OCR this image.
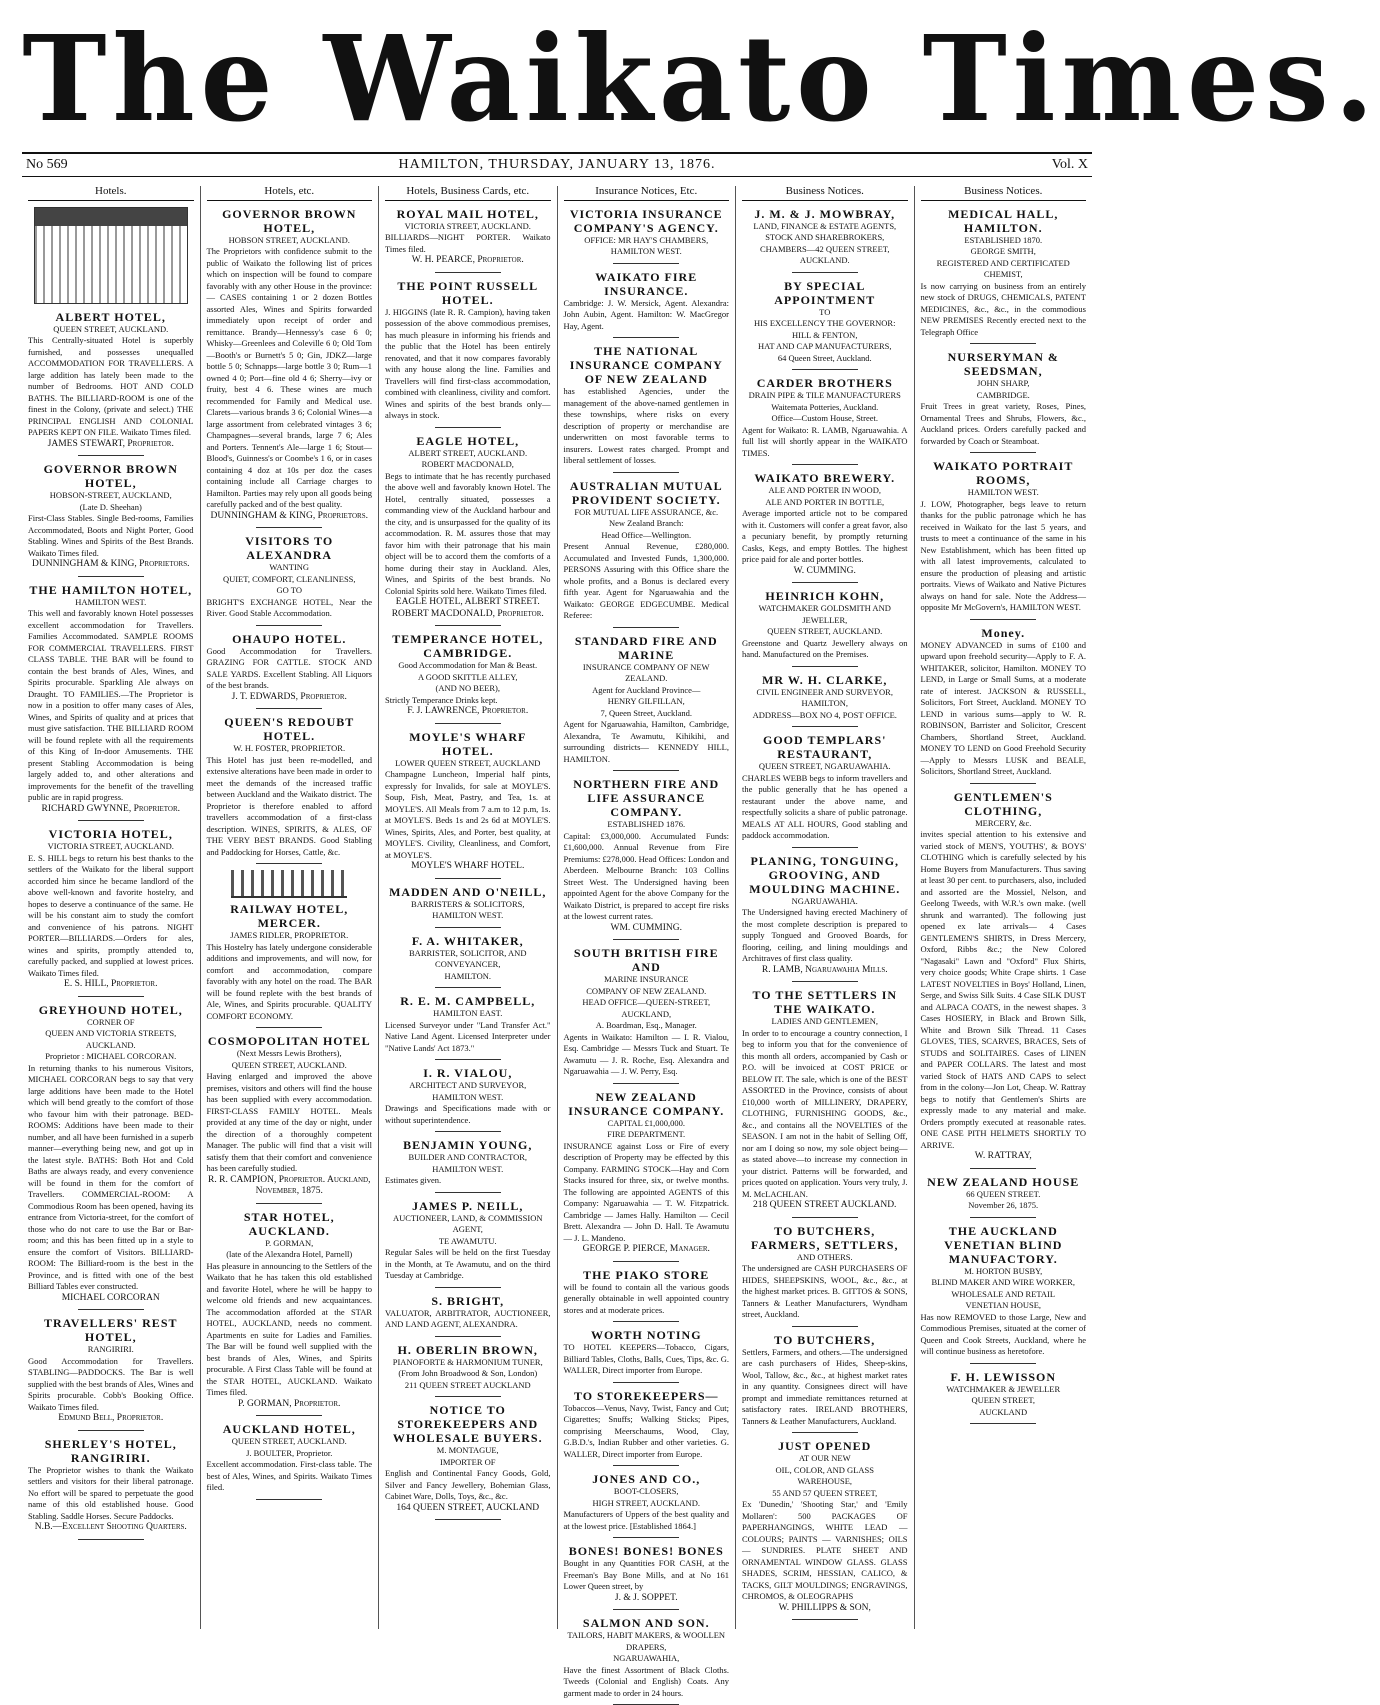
The Waikato Times.
No 569	HAMILTON, THURSDAY, JANUARY 13, 1876.	Vol. X
Hotels.
ALBERT HOTEL,
QUEEN STREET, AUCKLAND.
This Centrally-situated Hotel is superbly furnished, and possesses unequalled ACCOMMODATION FOR TRAVELLERS. A large addition has lately been made to the number of Bedrooms. HOT AND COLD BATHS. The BILLIARD-ROOM is one of the finest in the Colony, (private and select.) THE PRINCIPAL ENGLISH AND COLONIAL PAPERS KEPT ON FILE. Waikato Times filed.
JAMES STEWART, Proprietor.
GOVERNOR BROWN HOTEL,
HOBSON-STREET, AUCKLAND,
(Late D. Sheehan)
First-Class Stables. Single Bed-rooms, Families Accommodated, Boots and Night Porter, Good Stabling. Wines and Spirits of the Best Brands. Waikato Times filed.
DUNNINGHAM & KING, Proprietors.
THE HAMILTON HOTEL,
HAMILTON WEST.
This well and favorably known Hotel possesses excellent accommodation for Travellers. Families Accommodated. SAMPLE ROOMS FOR COMMERCIAL TRAVELLERS. FIRST CLASS TABLE. THE BAR will be found to contain the best brands of Ales, Wines, and Spirits procurable. Sparkling Ale always on Draught. TO FAMILIES.—The Proprietor is now in a position to offer many cases of Ales, Wines, and Spirits of quality and at prices that must give satisfaction. THE BILLIARD ROOM will be found replete with all the requirements of this King of In-door Amusements. THE present Stabling Accommodation is being largely added to, and other alterations and improvements for the benefit of the travelling public are in rapid progress.
RICHARD GWYNNE, Proprietor.
VICTORIA HOTEL,
VICTORIA STREET, AUCKLAND.
E. S. HILL begs to return his best thanks to the settlers of the Waikato for the liberal support accorded him since he became landlord of the above well-known and favorite hostelry, and hopes to deserve a continuance of the same. He will be his constant aim to study the comfort and convenience of his patrons. NIGHT PORTER—BILLIARDS.—Orders for ales, wines and spirits, promptly attended to, carefully packed, and supplied at lowest prices. Waikato Times filed.
E. S. HILL, Proprietor.
GREYHOUND HOTEL,
CORNER OF
QUEEN AND VICTORIA STREETS,
AUCKLAND.
Proprietor : MICHAEL CORCORAN.
In returning thanks to his numerous Visitors, MICHAEL CORCORAN begs to say that very large additions have been made to the Hotel which will bend greatly to the comfort of those who favour him with their patronage. BED-ROOMS: Additions have been made to their number, and all have been furnished in a superb manner—everything being new, and got up in the latest style. BATHS: Both Hot and Cold Baths are always ready, and every convenience will be found in them for the comfort of Travellers. COMMERCIAL-ROOM: A Commodious Room has been opened, having its entrance from Victoria-street, for the comfort of those who do not care to use the Bar or Bar-room; and this has been fitted up in a style to ensure the comfort of Visitors. BILLIARD-ROOM: The Billiard-room is the best in the Province, and is fitted with one of the best Billiard Tables ever constructed.
MICHAEL CORCORAN
TRAVELLERS' REST HOTEL,
RANGIRIRI.
Good Accommodation for Travellers. STABLING—PADDOCKS. The Bar is well supplied with the best brands of Ales, Wines and Spirits procurable. Cobb's Booking Office. Waikato Times filed.
Edmund Bell, Proprietor.
SHERLEY'S HOTEL, RANGIRIRI.
The Proprietor wishes to thank the Waikato settlers and visitors for their liberal patronage. No effort will be spared to perpetuate the good name of this old established house. Good Stabling. Saddle Horses. Secure Paddocks.
N.B.—Excellent Shooting Quarters.
Hotels, etc.
GOVERNOR BROWN HOTEL,
HOBSON STREET, AUCKLAND.
The Proprietors with confidence submit to the public of Waikato the following list of prices which on inspection will be found to compare favorably with any other House in the province:— CASES containing 1 or 2 dozen Bottles assorted Ales, Wines and Spirits forwarded immediately upon receipt of order and remittance. Brandy—Hennessy's case 6 0; Whisky—Greenlees and Coleville 6 0; Old Tom—Booth's or Burnett's 5 0; Gin, JDKZ—large bottle 5 0; Schnapps—large bottle 3 0; Rum—1 owned 4 0; Port—fine old 4 6; Sherry—ivy or fruity, best 4 6. These wines are much recommended for Family and Medical use. Clarets—various brands 3 6; Colonial Wines—a large assortment from celebrated vintages 3 6; Champagnes—several brands, large 7 6; Ales and Porters. Tennent's Ale—large 1 6; Stout—Blood's, Guinness's or Coombe's 1 6, or in cases containing 4 doz at 10s per doz the cases containing include all Carriage charges to Hamilton. Parties may rely upon all goods being carefully packed and of the best quality.
DUNNINGHAM & KING, Proprietors.
VISITORS TO ALEXANDRA
WANTING
QUIET, COMFORT, CLEANLINESS,
GO TO
BRIGHT'S EXCHANGE HOTEL, Near the River. Good Stable Accommodation.
OHAUPO HOTEL.
Good Accommodation for Travellers. GRAZING FOR CATTLE. STOCK AND SALE YARDS. Excellent Stabling. All Liquors of the best brands.
J. T. EDWARDS, Proprietor.
QUEEN'S REDOUBT HOTEL.
W. H. FOSTER, PROPRIETOR.
This Hotel has just been re-modelled, and extensive alterations have been made in order to meet the demands of the increased traffic between Auckland and the Waikato district. The Proprietor is therefore enabled to afford travellers accommodation of a first-class description. WINES, SPIRITS, & ALES, OF THE VERY BEST BRANDS. Good Stabling and Paddocking for Horses, Cattle, &c.
RAILWAY HOTEL, MERCER.
JAMES RIDLER, PROPRIETOR.
This Hostelry has lately undergone considerable additions and improvements, and will now, for comfort and accommodation, compare favorably with any hotel on the road. The BAR will be found replete with the best brands of Ale, Wines, and Spirits procurable. QUALITY COMFORT ECONOMY.
COSMOPOLITAN HOTEL
(Next Messrs Lewis Brothers),
QUEEN STREET, AUCKLAND.
Having enlarged and improved the above premises, visitors and others will find the house has been supplied with every accommodation. FIRST-CLASS FAMILY HOTEL. Meals provided at any time of the day or night, under the direction of a thoroughly competent Manager. The public will find that a visit will satisfy them that their comfort and convenience has been carefully studied.
R. R. CAMPION, Proprietor. Auckland, November, 1875.
STAR HOTEL, AUCKLAND.
P. GORMAN,
(late of the Alexandra Hotel, Parnell)
Has pleasure in announcing to the Settlers of the Waikato that he has taken this old established and favorite Hotel, where he will be happy to welcome old friends and new acquaintances. The accommodation afforded at the STAR HOTEL, AUCKLAND, needs no comment. Apartments en suite for Ladies and Families. The Bar will be found well supplied with the best brands of Ales, Wines, and Spirits procurable. A First Class Table will be found at the STAR HOTEL, AUCKLAND. Waikato Times filed.
P. GORMAN, Proprietor.
AUCKLAND HOTEL,
QUEEN STREET, AUCKLAND.
J. BOULTER, Proprietor.
Excellent accommodation. First-class table. The best of Ales, Wines, and Spirits. Waikato Times filed.
Hotels, Business Cards, etc.
ROYAL MAIL HOTEL,
VICTORIA STREET, AUCKLAND.
BILLIARDS—NIGHT PORTER. Waikato Times filed.
W. H. PEARCE, Proprietor.
THE POINT RUSSELL HOTEL.
J. HIGGINS (late R. R. Campion), having taken possession of the above commodious premises, has much pleasure in informing his friends and the public that the Hotel has been entirely renovated, and that it now compares favorably with any house along the line. Families and Travellers will find first-class accommodation, combined with cleanliness, civility and comfort. Wines and spirits of the best brands only—always in stock.
EAGLE HOTEL,
ALBERT STREET, AUCKLAND.
ROBERT MACDONALD,
Begs to intimate that he has recently purchased the above well and favorably known Hotel. The Hotel, centrally situated, possesses a commanding view of the Auckland harbour and the city, and is unsurpassed for the quality of its accommodation. R. M. assures those that may favor him with their patronage that his main object will be to accord them the comforts of a home during their stay in Auckland. Ales, Wines, and Spirits of the best brands. No Colonial Spirits sold here. Waikato Times filed.
EAGLE HOTEL, ALBERT STREET. ROBERT MACDONALD, Proprietor.
TEMPERANCE HOTEL, CAMBRIDGE.
Good Accommodation for Man & Beast.
A GOOD SKITTLE ALLEY,
(AND NO BEER),
Strictly Temperance Drinks kept.
F. J. LAWRENCE, Proprietor.
MOYLE'S WHARF HOTEL.
LOWER QUEEN STREET, AUCKLAND
Champagne Luncheon, Imperial half pints, expressly for Invalids, for sale at MOYLE'S. Soup, Fish, Meat, Pastry, and Tea, 1s. at MOYLE'S. All Meals from 7 a.m to 12 p.m, 1s. at MOYLE'S. Beds 1s and 2s 6d at MOYLE'S. Wines, Spirits, Ales, and Porter, best quality, at MOYLE'S. Civility, Cleanliness, and Comfort, at MOYLE'S.
MOYLE'S WHARF HOTEL.
MADDEN AND O'NEILL,
BARRISTERS & SOLICITORS,
HAMILTON WEST.
F. A. WHITAKER,
BARRISTER, SOLICITOR, AND CONVEYANCER,
HAMILTON.
R. E. M. CAMPBELL,
HAMILTON EAST.
Licensed Surveyor under "Land Transfer Act." Native Land Agent. Licensed Interpreter under "Native Lands' Act 1873."
I. R. VIALOU,
ARCHITECT AND SURVEYOR,
HAMILTON WEST.
Drawings and Specifications made with or without superintendence.
BENJAMIN YOUNG,
BUILDER AND CONTRACTOR,
HAMILTON WEST.
Estimates given.
JAMES P. NEILL,
AUCTIONEER, LAND, & COMMISSION AGENT,
TE AWAMUTU.
Regular Sales will be held on the first Tuesday in the Month, at Te Awamutu, and on the third Tuesday at Cambridge.
S. BRIGHT,
VALUATOR, ARBITRATOR, AUCTIONEER, AND LAND AGENT, ALEXANDRA.
H. OBERLIN BROWN,
PIANOFORTE & HARMONIUM TUNER,
(From John Broadwood & Son, London)
211 QUEEN STREET AUCKLAND
NOTICE TO STOREKEEPERS AND WHOLESALE BUYERS.
M. MONTAGUE,
IMPORTER OF
English and Continental Fancy Goods, Gold, Silver and Fancy Jewellery, Bohemian Glass, Cabinet Ware, Dolls, Toys, &c., &c.
164 QUEEN STREET, AUCKLAND
Insurance Notices, Etc.
VICTORIA INSURANCE COMPANY'S AGENCY.
OFFICE: MR HAY'S CHAMBERS, HAMILTON WEST.
WAIKATO FIRE INSURANCE.
Cambridge: J. W. Mersick, Agent. Alexandra: John Aubin, Agent. Hamilton: W. MacGregor Hay, Agent.
THE NATIONAL INSURANCE COMPANY OF NEW ZEALAND
has established Agencies, under the management of the above-named gentlemen in these townships, where risks on every description of property or merchandise are underwritten on most favorable terms to insurers. Lowest rates charged. Prompt and liberal settlement of losses.
AUSTRALIAN MUTUAL PROVIDENT SOCIETY.
FOR MUTUAL LIFE ASSURANCE, &c.
New Zealand Branch:
Head Office—Wellington.
Present Annual Revenue, £280,000. Accumulated and Invested Funds, 1,300,000. PERSONS Assuring with this Office share the whole profits, and a Bonus is declared every fifth year. Agent for Ngaruawahia and the Waikato: GEORGE EDGECUMBE. Medical Referee:
STANDARD FIRE AND MARINE
INSURANCE COMPANY OF NEW ZEALAND.
Agent for Auckland Province—
HENRY GILFILLAN,
7, Queen Street, Auckland.
Agent for Ngaruawahia, Hamilton, Cambridge, Alexandra, Te Awamutu, Kihikihi, and surrounding districts— KENNEDY HILL, HAMILTON.
NORTHERN FIRE AND LIFE ASSURANCE COMPANY.
ESTABLISHED 1876.
Capital: £3,000,000. Accumulated Funds: £1,600,000. Annual Revenue from Fire Premiums: £278,000. Head Offices: London and Aberdeen. Melbourne Branch: 103 Collins Street West. The Undersigned having been appointed Agent for the above Company for the Waikato District, is prepared to accept fire risks at the lowest current rates.
WM. CUMMING.
SOUTH BRITISH FIRE AND
MARINE INSURANCE
COMPANY OF NEW ZEALAND.
HEAD OFFICE—QUEEN-STREET, AUCKLAND,
A. Boardman, Esq., Manager.
Agents in Waikato: Hamilton — I. R. Vialou, Esq. Cambridge — Messrs Tuck and Stuart. Te Awamutu — J. R. Roche, Esq. Alexandra and Ngaruawahia — J. W. Perry, Esq.
NEW ZEALAND INSURANCE COMPANY.
CAPITAL £1,000,000.
FIRE DEPARTMENT.
INSURANCE against Loss or Fire of every description of Property may be effected by this Company. FARMING STOCK—Hay and Corn Stacks insured for three, six, or twelve months. The following are appointed AGENTS of this Company: Ngaruawahia — T. W. Fitzpatrick. Cambridge — James Hally. Hamilton — Cecil Brett. Alexandra — John D. Hall. Te Awamutu — J. L. Mandeno.
GEORGE P. PIERCE, Manager.
THE PIAKO STORE
will be found to contain all the various goods generally obtainable in well appointed country stores and at moderate prices.
WORTH NOTING
TO HOTEL KEEPERS—Tobacco, Cigars, Billiard Tables, Cloths, Balls, Cues, Tips, &c. G. WALLER, Direct importer from Europe.
TO STOREKEEPERS—
Tobaccos—Venus, Navy, Twist, Fancy and Cut; Cigarettes; Snuffs; Walking Sticks; Pipes, comprising Meerschaums, Wood, Clay, G.B.D.'s, Indian Rubber and other varieties. G. WALLER, Direct importer from Europe.
JONES AND CO.,
BOOT-CLOSERS,
HIGH STREET, AUCKLAND.
Manufacturers of Uppers of the best quality and at the lowest price. [Established 1864.]
BONES! BONES! BONES
Bought in any Quantities FOR CASH, at the Freeman's Bay Bone Mills, and at No 161 Lower Queen street, by
J. & J. SOPPET.
SALMON AND SON.
TAILORS, HABIT MAKERS, & WOOLLEN DRAPERS,
NGARUAWAHIA,
Have the finest Assortment of Black Cloths. Tweeds (Colonial and English) Coats. Any garment made to order in 24 hours.
Business Notices.
J. M. & J. MOWBRAY,
LAND, FINANCE & ESTATE AGENTS,
STOCK AND SHAREBROKERS,
CHAMBERS—42 QUEEN STREET, AUCKLAND.
BY SPECIAL APPOINTMENT
TO
HIS EXCELLENCY THE GOVERNOR:
HILL & FENTON,
HAT AND CAP MANUFACTURERS,
64 Queen Street, Auckland.
CARDER BROTHERS
DRAIN PIPE & TILE MANUFACTURERS
Waitemata Potteries, Auckland.
Office—Custom House, Street.
Agent for Waikato: R. LAMB, Ngaruawahia. A full list will shortly appear in the WAIKATO TIMES.
WAIKATO BREWERY.
ALE AND PORTER IN WOOD,
ALE AND PORTER IN BOTTLE,
Average imported article not to be compared with it. Customers will confer a great favor, also a pecuniary benefit, by promptly returning Casks, Kegs, and empty Bottles. The highest price paid for ale and porter bottles.
W. CUMMING.
HEINRICH KOHN,
WATCHMAKER GOLDSMITH AND JEWELLER,
QUEEN STREET, AUCKLAND.
Greenstone and Quartz Jewellery always on hand. Manufactured on the Premises.
MR W. H. CLARKE,
CIVIL ENGINEER AND SURVEYOR,
HAMILTON,
ADDRESS—BOX NO 4, POST OFFICE.
GOOD TEMPLARS' RESTAURANT,
QUEEN STREET, NGARUAWAHIA.
CHARLES WEBB begs to inform travellers and the public generally that he has opened a restaurant under the above name, and respectfully solicits a share of public patronage. MEALS AT ALL HOURS, Good stabling and paddock accommodation.
PLANING, TONGUING, GROOVING, AND MOULDING MACHINE.
NGARUAWAHIA.
The Undersigned having erected Machinery of the most complete description is prepared to supply Tongued and Grooved Boards, for flooring, ceiling, and lining mouldings and Architraves of first class quality.
R. LAMB, Ngaruawahia Mills.
TO THE SETTLERS IN THE WAIKATO.
LADIES AND GENTLEMEN,
In order to to encourage a country connection, I beg to inform you that for the convenience of this month all orders, accompanied by Cash or P.O. will be invoiced at COST PRICE or BELOW IT. The sale, which is one of the BEST ASSORTED in the Province, consists of about £10,000 worth of MILLINERY, DRAPERY, CLOTHING, FURNISHING GOODS, &c., &c., and contains all the NOVELTIES of the SEASON. I am not in the habit of Selling Off, nor am I doing so now, my sole object being—as stated above—to increase my connection in your district. Patterns will be forwarded, and prices quoted on application. Yours very truly, J. M. McLACHLAN.
218 QUEEN STREET AUCKLAND.
TO BUTCHERS, FARMERS, SETTLERS,
AND OTHERS.
The undersigned are CASH PURCHASERS OF HIDES, SHEEPSKINS, WOOL, &c., &c., at the highest market prices. B. GITTOS & SONS, Tanners & Leather Manufacturers, Wyndham street, Auckland.
TO BUTCHERS,
Settlers, Farmers, and others.—The undersigned are cash purchasers of Hides, Sheep-skins, Wool, Tallow, &c., &c., at highest market rates in any quantity. Consignees direct will have prompt and immediate remittances returned at satisfactory rates. IRELAND BROTHERS, Tanners & Leather Manufacturers, Auckland.
JUST OPENED
AT OUR NEW
OIL, COLOR, AND GLASS
WAREHOUSE,
55 AND 57 QUEEN STREET,
Ex 'Dunedin,' 'Shooting Star,' and 'Emily Mollaren': 500 PACKAGES OF PAPERHANGINGS, WHITE LEAD — COLOURS; PAINTS — VARNISHES; OILS — SUNDRIES. PLATE SHEET AND ORNAMENTAL WINDOW GLASS. GLASS SHADES, SCRIM, HESSIAN, CALICO, & TACKS, GILT MOULDINGS; ENGRAVINGS, CHROMOS, & OLEOGRAPHS
W. PHILLIPPS & SON,
Business Notices.
MEDICAL HALL, HAMILTON.
ESTABLISHED 1870.
GEORGE SMITH,
REGISTERED AND CERTIFICATED
CHEMIST,
Is now carrying on business from an entirely new stock of DRUGS, CHEMICALS, PATENT MEDICINES, &c., &c., in the commodious NEW PREMISES Recently erected next to the Telegraph Office
NURSERYMAN & SEEDSMAN,
JOHN SHARP,
CAMBRIDGE.
Fruit Trees in great variety, Roses, Pines, Ornamental Trees and Shrubs, Flowers, &c., Auckland prices. Orders carefully packed and forwarded by Coach or Steamboat.
WAIKATO PORTRAIT ROOMS,
HAMILTON WEST.
J. LOW, Photographer, begs leave to return thanks for the public patronage which he has received in Waikato for the last 5 years, and trusts to meet a continuance of the same in his New Establishment, which has been fitted up with all latest improvements, calculated to ensure the production of pleasing and artistic portraits. Views of Waikato and Native Pictures always on hand for sale. Note the Address—opposite Mr McGovern's, HAMILTON WEST.
Money.
MONEY ADVANCED in sums of £100 and upward upon freehold security—Apply to F. A. WHITAKER, solicitor, Hamilton. MONEY TO LEND, in Large or Small Sums, at a moderate rate of interest. JACKSON & RUSSELL, Solicitors, Fort Street, Auckland. MONEY TO LEND in various sums—apply to W. R. ROBINSON, Barrister and Solicitor, Crescent Chambers, Shortland Street, Auckland. MONEY TO LEND on Good Freehold Security—Apply to Messrs LUSK and BEALE, Solicitors, Shortland Street, Auckland.
GENTLEMEN'S CLOTHING,
MERCERY, &c.
invites special attention to his extensive and varied stock of MEN'S, YOUTHS', & BOYS' CLOTHING which is carefully selected by his Home Buyers from Manufacturers. Thus saving at least 30 per cent. to purchasers, also, included and assorted are the Mossiel, Nelson, and Geelong Tweeds, with W.R.'s own make. (well shrunk and warranted). The following just opened ex late arrivals— 4 Cases GENTLEMEN'S SHIRTS, in Dress Mercery, Oxford, Ribbs &c.; the New Colored "Nagasaki" Lawn and "Oxford" Flux Shirts, very choice goods; White Crape shirts. 1 Case LATEST NOVELTIES in Boys' Holland, Linen, Serge, and Swiss Silk Suits. 4 Case SILK DUST and ALPACA COATS, in the newest shapes. 3 Cases HOSIERY, in Black and Brown Silk, White and Brown Silk Thread. 11 Cases GLOVES, TIES, SCARVES, BRACES, Sets of STUDS and SOLITAIRES. Cases of LINEN and PAPER COLLARS. The latest and most varied Stock of HATS AND CAPS to select from in the colony—Jon Lot, Cheap. W. Rattray begs to notify that Gentlemen's Shirts are expressly made to any material and make. Orders promptly executed at reasonable rates. ONE CASE PITH HELMETS SHORTLY TO ARRIVE.
W. RATTRAY,
NEW ZEALAND HOUSE
66 QUEEN STREET.
November 26, 1875.
THE AUCKLAND VENETIAN BLIND MANUFACTORY.
M. HORTON BUSBY,
BLIND MAKER AND WIRE WORKER,
WHOLESALE AND RETAIL
VENETIAN HOUSE,
Has now REMOVED to those Large, New and Commodious Premises, situated at the corner of Queen and Cook Streets, Auckland, where he will continue business as heretofore.
F. H. LEWISSON
WATCHMAKER & JEWELLER
QUEEN STREET,
AUCKLAND
